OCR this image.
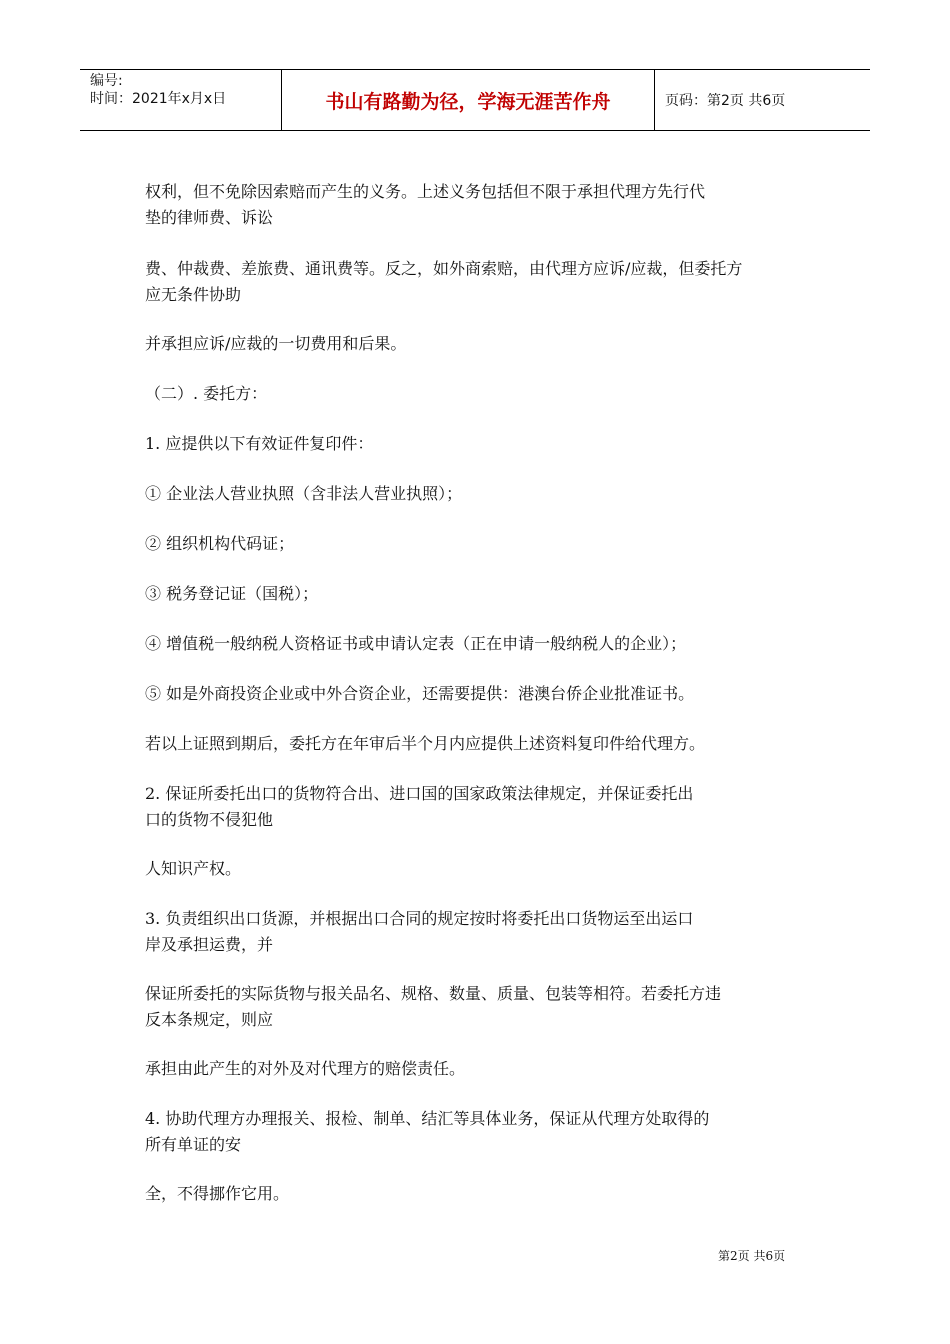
编号:
时间：2021年x月x日	书山有路勤为径，学海无涯苦作舟	页码：第2页 共6页
权利，但不免除因索赔而产生的义务。上述义务包括但不限于承担代理方先行代
垫的律师费、诉讼
费、仲裁费、差旅费、通讯费等。反之，如外商索赔，由代理方应诉/应裁，但委托方
应无条件协助
并承担应诉/应裁的一切费用和后果。
（二）. 委托方：
1. 应提供以下有效证件复印件：
① 企业法人营业执照（含非法人营业执照）；
② 组织机构代码证；
③ 税务登记证（国税）；
④ 增值税一般纳税人资格证书或申请认定表（正在申请一般纳税人的企业）；
⑤ 如是外商投资企业或中外合资企业，还需要提供：港澳台侨企业批准证书。
若以上证照到期后，委托方在年审后半个月内应提供上述资料复印件给代理方。
2. 保证所委托出口的货物符合出、进口国的国家政策法律规定，并保证委托出
口的货物不侵犯他
人知识产权。
3. 负责组织出口货源，并根据出口合同的规定按时将委托出口货物运至出运口
岸及承担运费，并
保证所委托的实际货物与报关品名、规格、数量、质量、包装等相符。若委托方违
反本条规定，则应
承担由此产生的对外及对代理方的赔偿责任。
4. 协助代理方办理报关、报检、制单、结汇等具体业务，保证从代理方处取得的
所有单证的安
全，不得挪作它用。
第2页 共6页
